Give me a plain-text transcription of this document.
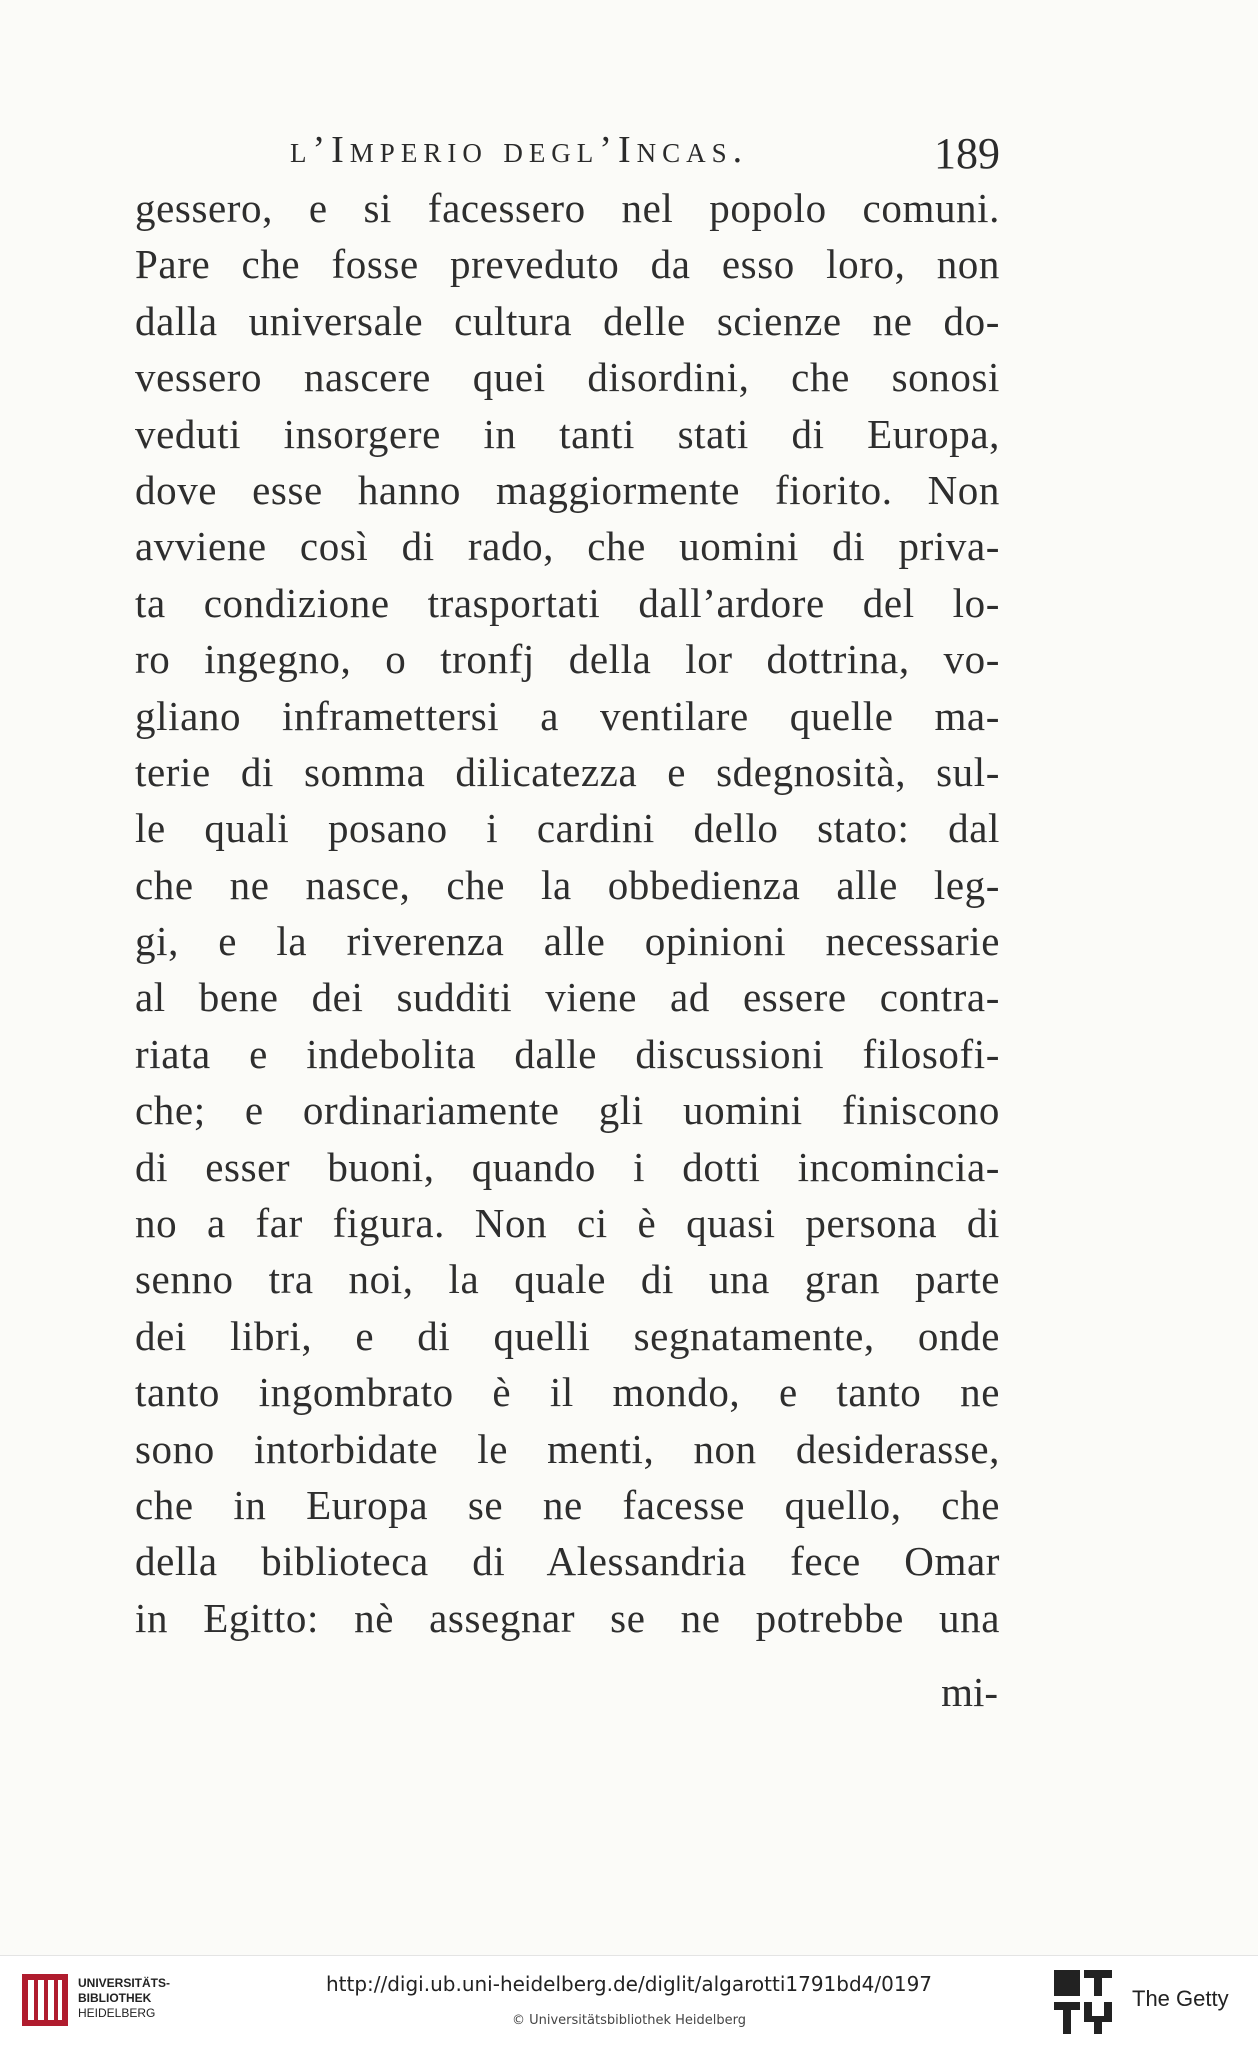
l’Imperio degl’Incas.	189
gessero, e si facessero nel popolo comuni.
Pare che fosse preveduto da esso loro, non
dalla universale cultura delle scienze ne do-
vessero nascere quei disordini, che sonosi
veduti insorgere in tanti stati di Europa,
dove esse hanno maggiormente fiorito. Non
avviene così di rado, che uomini di priva-
ta condizione trasportati dall’ardore del lo-
ro ingegno, o tronfj della lor dottrina, vo-
gliano inframettersi a ventilare quelle ma-
terie di somma dilicatezza e sdegnosità, sul-
le quali posano i cardini dello stato: dal
che ne nasce, che la obbedienza alle leg-
gi, e la riverenza alle opinioni necessarie
al bene dei sudditi viene ad essere contra-
riata e indebolita dalle discussioni filosofi-
che; e ordinariamente gli uomini finiscono
di esser buoni, quando i dotti incomincia-
no a far figura. Non ci è quasi persona di
senno tra noi, la quale di una gran parte
dei libri, e di quelli segnatamente, onde
tanto ingombrato è il mondo, e tanto ne
sono intorbidate le menti, non desiderasse,
che in Europa se ne facesse quello, che
della biblioteca di Alessandria fece Omar
in Egitto: nè assegnar se ne potrebbe una
mi-
UNIVERSITÄTS-
BIBLIOTHEK
HEIDELBERG
http://digi.ub.uni-heidelberg.de/diglit/algarotti1791bd4/0197
© Universitätsbibliothek Heidelberg
The Getty
